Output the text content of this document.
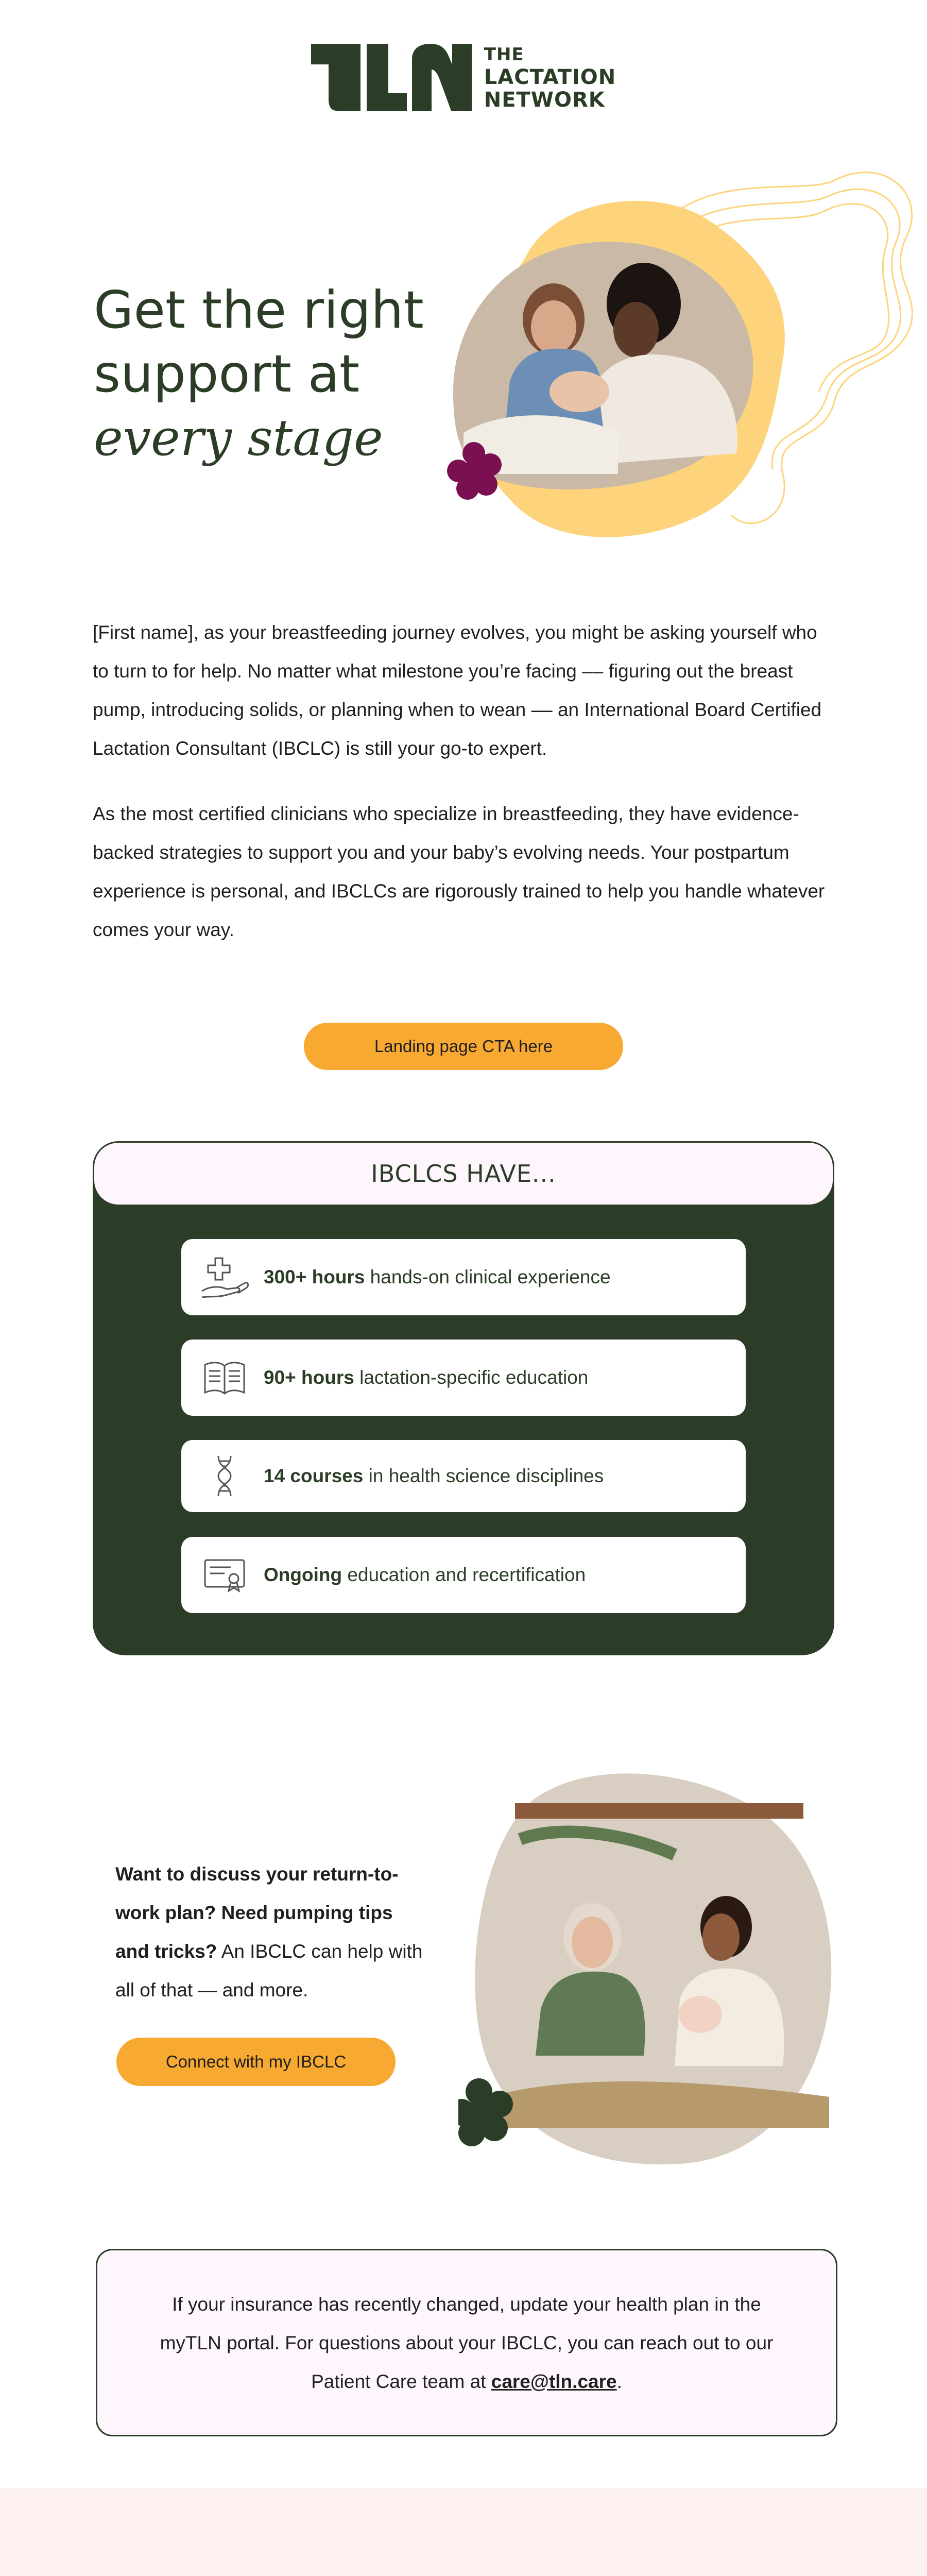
THE
LACTATION
NETWORK
Get the right
support at
every stage

[First name], as your breastfeeding journey evolves, you might be asking yourself who to turn to for help. No matter what milestone you’re facing –– figuring out the breast pump, introducing solids, or planning when to wean –– an International Board Certified Lactation Consultant (IBCLC) is still your go-to expert.

As the most certified clinicians who specialize in breastfeeding, they have evidence-backed strategies to support you and your baby’s evolving needs. Your postpartum experience is personal, and IBCLCs are rigorously trained to help you handle whatever comes your way.

Landing page CTA here
IBCLCS HAVE...
300+ hours hands-on clinical experience
90+ hours lactation-specific education
14 courses in health science disciplines
Ongoing education and recertification
Want to discuss your return-to-work plan? Need pumping tips and tricks? An IBCLC can help with all of that — and more.
Connect with my IBCLC

If your insurance has recently changed, update your health plan in the myTLN portal. For questions about your IBCLC, you can reach out to our Patient Care team at care@tln.care.
